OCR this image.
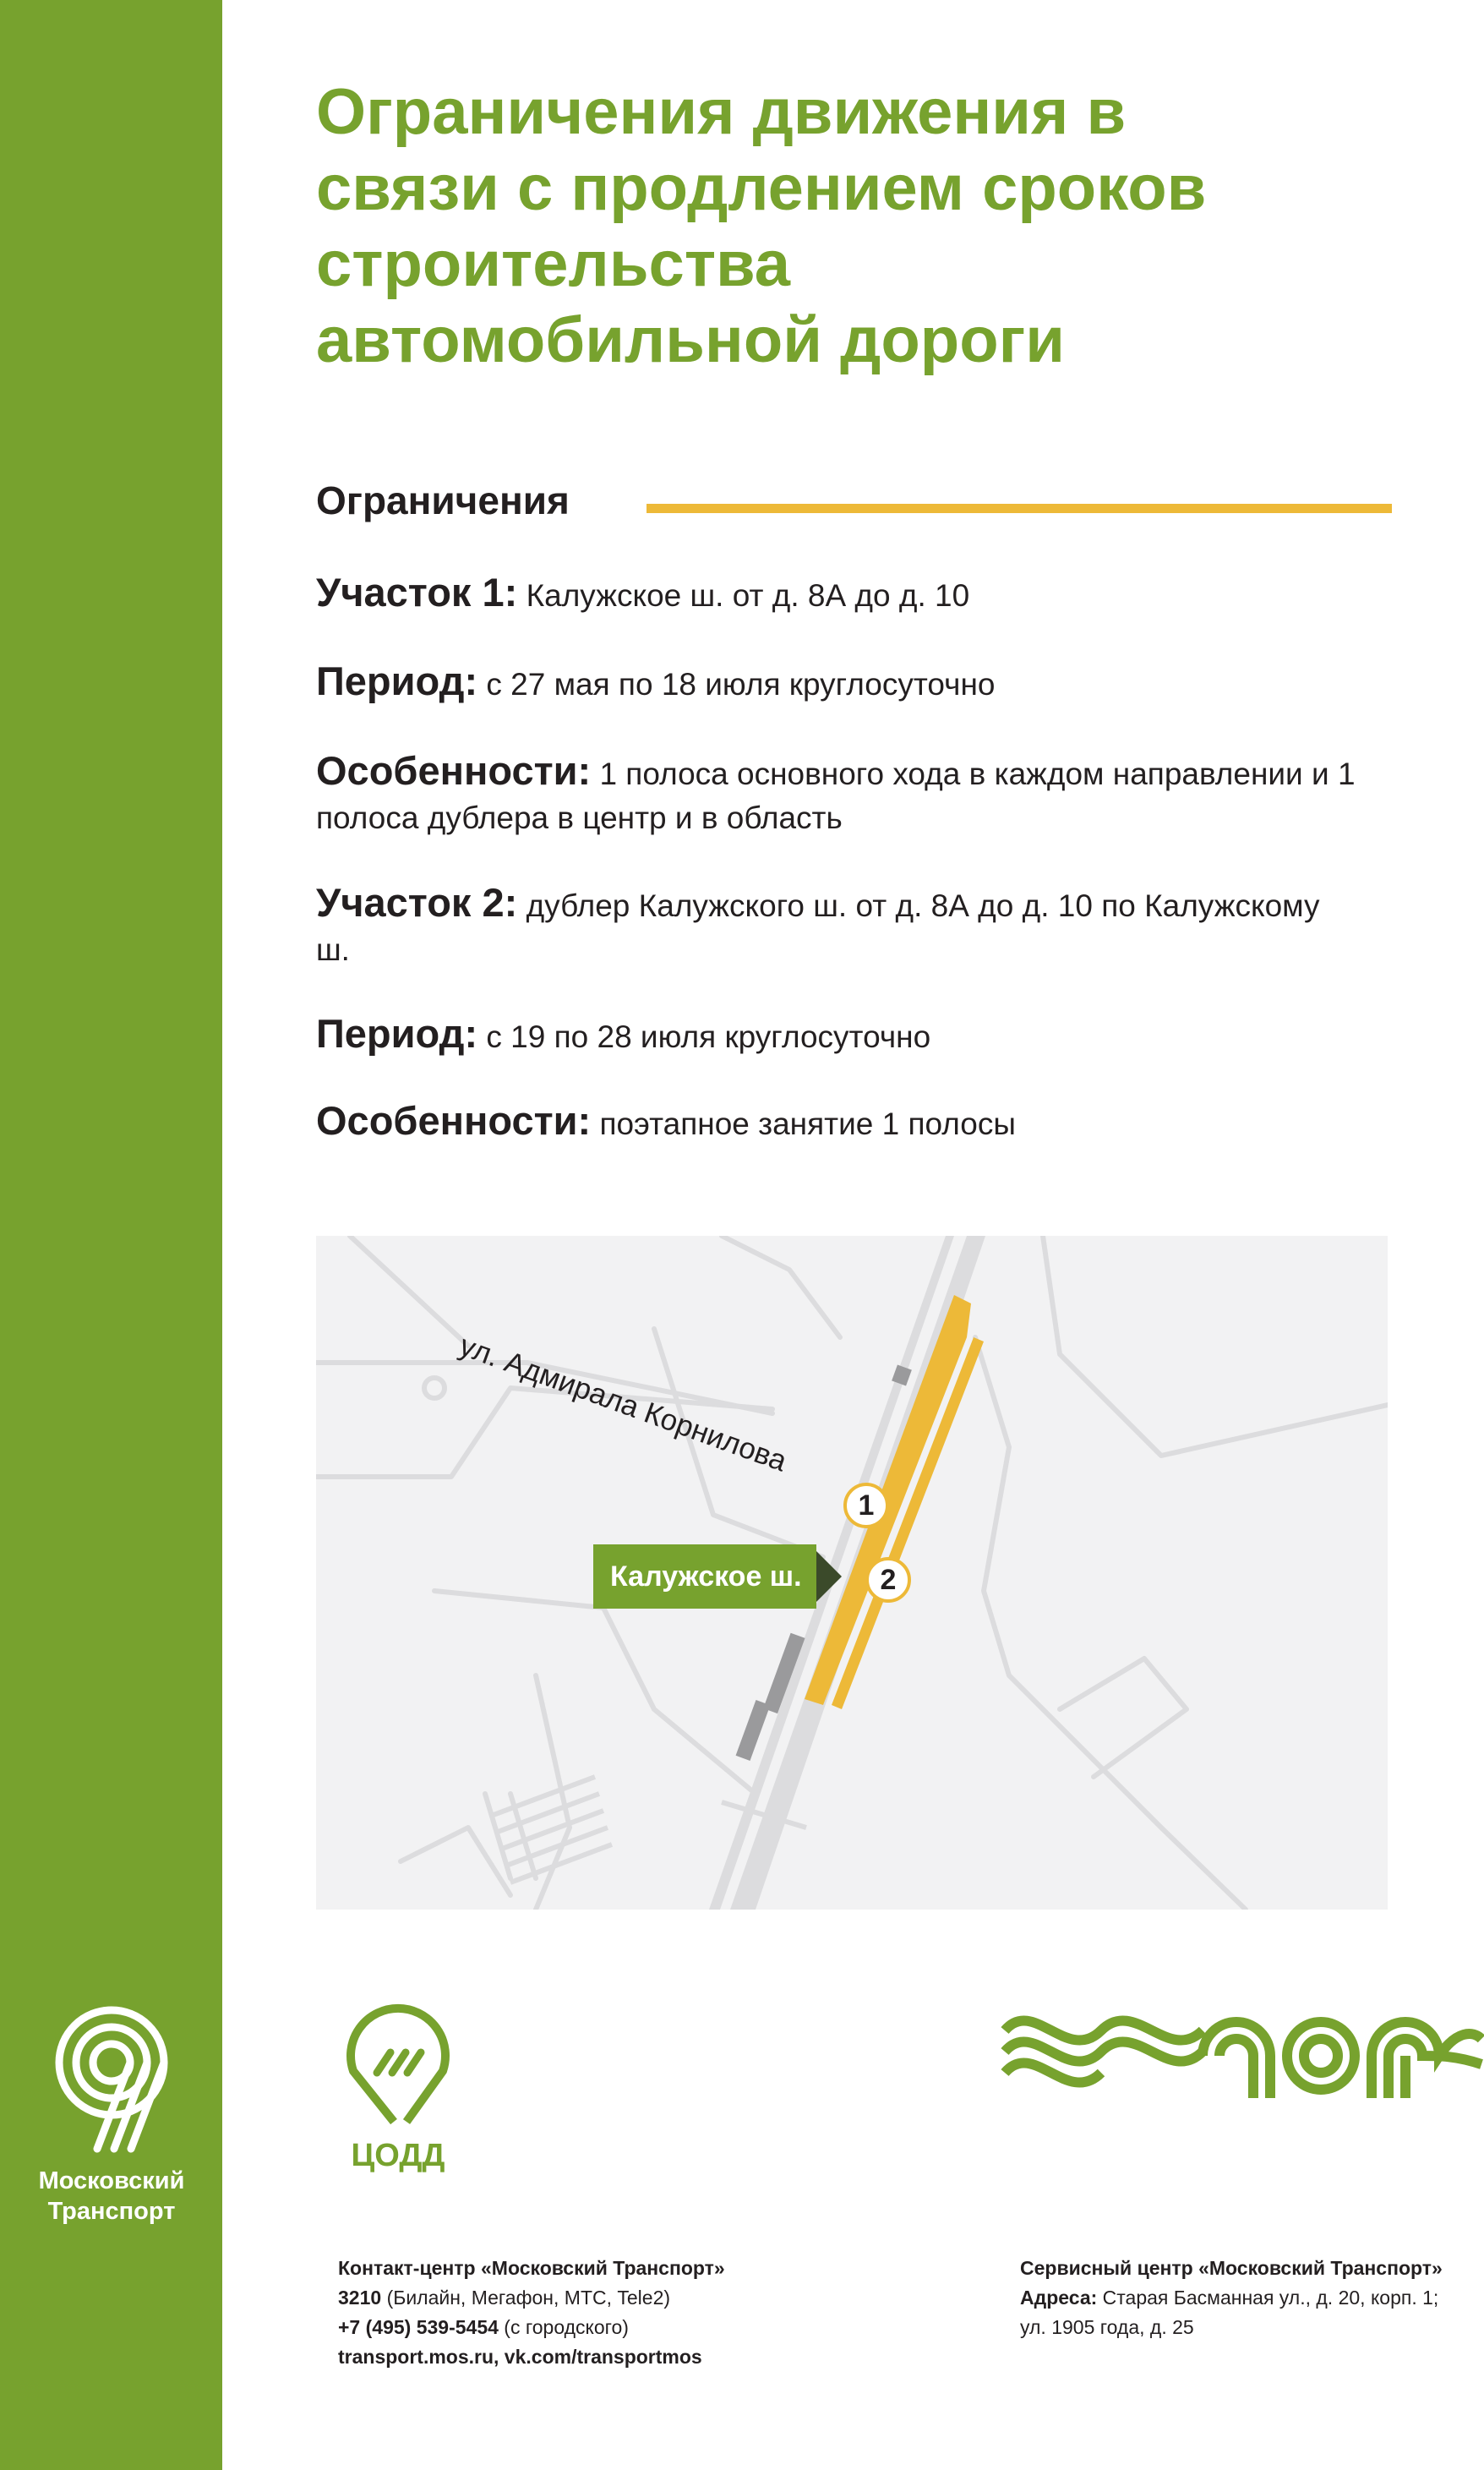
Московский
Транспорт
Ограничения движения в
связи с продлением сроков
строительства
автомобильной дороги
Ограничения
Участок 1: Калужское ш. от д. 8А до д. 10
Период: с 27 мая по 18 июля круглосуточно
Особенности: 1 полоса основного хода в каждом направлении и 1 полоса дублера в центр и в область
Участок 2: дублер Калужского ш. от д. 8А до д. 10 по Калужскому ш.
Период: с 19 по 28 июля круглосуточно
Особенности: поэтапное занятие 1 полосы
ул. Адмирала Корнилова
Калужское ш.
1
2
ЦОДД
Контакт-центр «Московский Транспорт»
3210 (Билайн, Мегафон, МТС, Tele2)
+7 (495) 539-5454 (с городского)
transport.mos.ru, vk.com/transportmos
Сервисный центр «Московский Транспорт»
Адреса: Старая Басманная ул., д. 20, корп. 1;
ул. 1905 года, д. 25
